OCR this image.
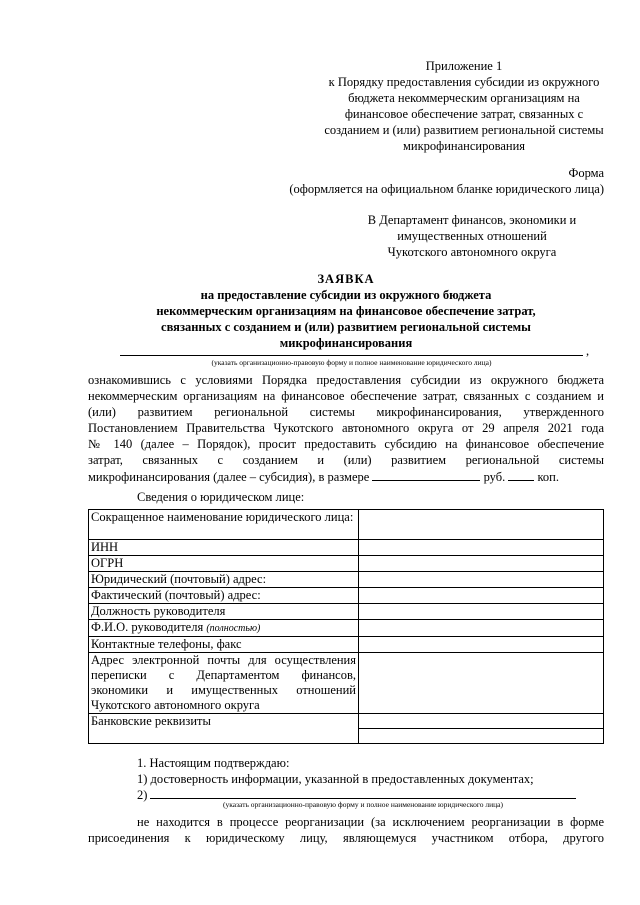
Приложение 1
к Порядку предоставления субсидии из окружного
бюджета некоммерческим организациям на
финансовое обеспечение затрат, связанных с
созданием и (или) развитием региональной системы
микрофинансирования
Форма
(оформляется на официальном бланке юридического лица)
В Департамент финансов, экономики и
имущественных отношений
Чукотского автономного округа
ЗАЯВКА
на предоставление субсидии из окружного бюджета
некоммерческим организациям на финансовое обеспечение затрат,
связанных с созданием и (или) развитием региональной системы
микрофинансирования
,
(указать организационно-правовую форму и полное наименование юридического лица)
ознакомившись с условиями Порядка предоставления субсидии из окружного бюджета
некоммерческим организациям на финансовое обеспечение затрат, связанных с созданием и
(или) развитием региональной системы микрофинансирования, утвержденного
Постановлением Правительства Чукотского автономного округа от 29 апреля 2021 года
№ 140 (далее – Порядок), просит предоставить субсидию на финансовое обеспечение
затрат, связанных с созданием и (или) развитием региональной системы
микрофинансирования (далее – субсидия), в размере	руб.	коп.
Сведения о юридическом лице:
Сокращенное наименование юридического лица:	
ИНН	
ОГРН	
Юридический (почтовый) адрес:	
Фактический (почтовый) адрес:	
Должность руководителя	
Ф.И.О. руководителя (полностью)	
Контактные телефоны, факс	
Адрес электронной почты для осуществления переписки с Департаментом финансов, экономики и имущественных отношений Чукотского автономного округа	
Банковские реквизиты	
1. Настоящим подтверждаю:
1) достоверность информации, указанной в предоставленных документах;
2)
(указать организационно-правовую форму и полное наименование юридического лица)
не находится в процессе реорганизации (за исключением реорганизации в форме
присоединения к юридическому лицу, являющемуся участником отбора, другого
